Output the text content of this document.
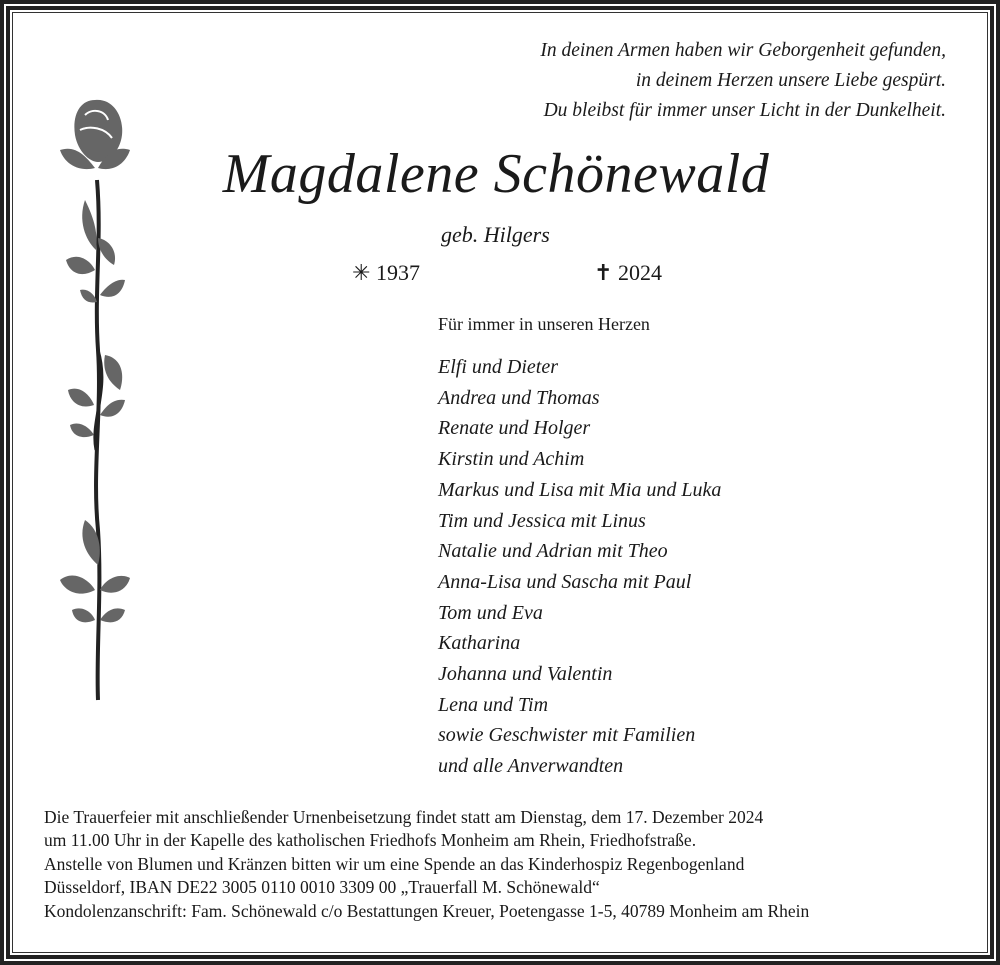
In deinen Armen haben wir Geborgenheit gefunden,
in deinem Herzen unsere Liebe gespürt.
Du bleibst für immer unser Licht in der Dunkelheit.
Magdalene Schönewald
geb. Hilgers
✳ 1937	✝ 2024
Für immer in unseren Herzen
Elfi und Dieter
Andrea und Thomas
Renate und Holger
Kirstin und Achim
Markus und Lisa mit Mia und Luka
Tim und Jessica mit Linus
Natalie und Adrian mit Theo
Anna-Lisa und Sascha mit Paul
Tom und Eva
Katharina
Johanna und Valentin
Lena und Tim
sowie Geschwister mit Familien
und alle Anverwandten
Die Trauerfeier mit anschließender Urnenbeisetzung findet statt am Dienstag, dem 17. Dezember 2024
um 11.00 Uhr in der Kapelle des katholischen Friedhofs Monheim am Rhein, Friedhofstraße.
Anstelle von Blumen und Kränzen bitten wir um eine Spende an das Kinderhospiz Regenbogenland
Düsseldorf, IBAN DE22 3005 0110 0010 3309 00 „Trauerfall M. Schönewald“
Kondolenzanschrift: Fam. Schönewald c/o Bestattungen Kreuer, Poetengasse 1-5, 40789 Monheim am Rhein
